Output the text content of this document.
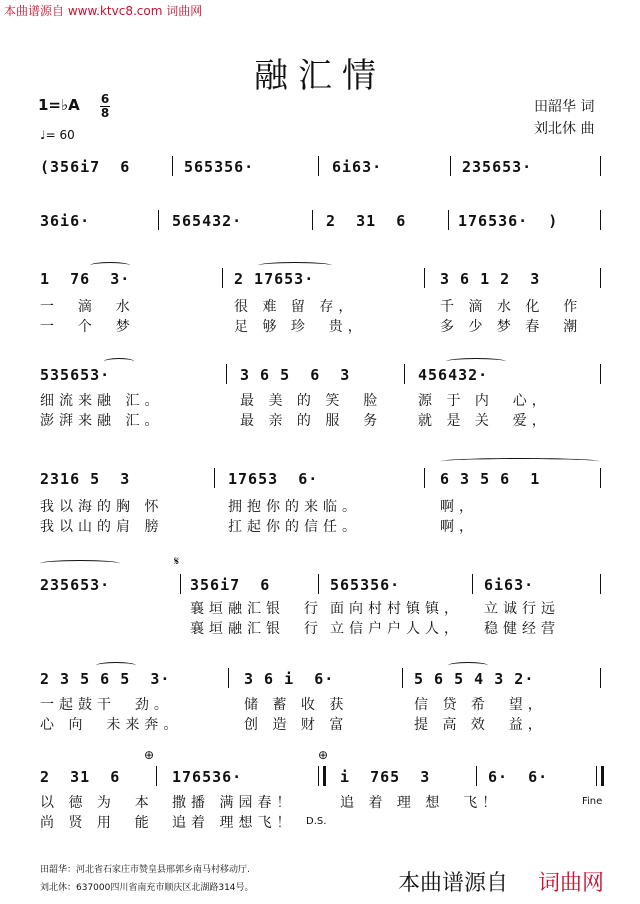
本曲谱源自 www.ktvc8.com 词曲网
融汇情
1=♭A 6
8
♩= 60
田韶华 词
刘北休 曲
(356i7  6	565356·	6i63·	235653·
36i6·	565432·	2  31  6	176536·  )
1  76  3·	2 17653·	3 6 1 2  3
一  滴  水	很 难 留 存，	千 滴 水 化  作
一  个  梦	足 够 珍  贵，	多 少 梦 春  潮
535653·	3 6 5  6  3	456432·
细流来融 汇。	最 美 的 笑  脸	源 于 内  心，
澎湃来融 汇。	最 亲 的 服  务	就 是 关  爱，
2316 5  3	17653  6·	6 3 5 6  1
我以海的胸 怀	拥抱你的来临。	啊，
我以山的肩 膀	扛起你的信任。	啊，
𝄋
235653·	356i7  6	565356·	6i63·
襄垣融汇银  行 面向村村镇镇， 立诚行远
襄垣融汇银  行 立信户户人人， 稳健经营
2 3 5 6 5  3·	3 6 i  6·	5 6 5 4 3 2·
一起鼓干  劲。	储 蓄 收 获	信 贷 希  望，
心 向  未来奔。	创 造 财 富	提 高 效  益，
⊕	⊕
2  31  6	176536·	i  765  3	6·  6·
以 德 为  本 撒播 满园春！	追 着 理 想  飞！	Fine
尚 贤 用  能 追着 理想飞！ D.S.
田韶华：河北省石家庄市赞皇县邢郭乡南马村移动厅.
刘北休：637000四川省南充市顺庆区北湖路314号。	本曲谱源自 词曲网
